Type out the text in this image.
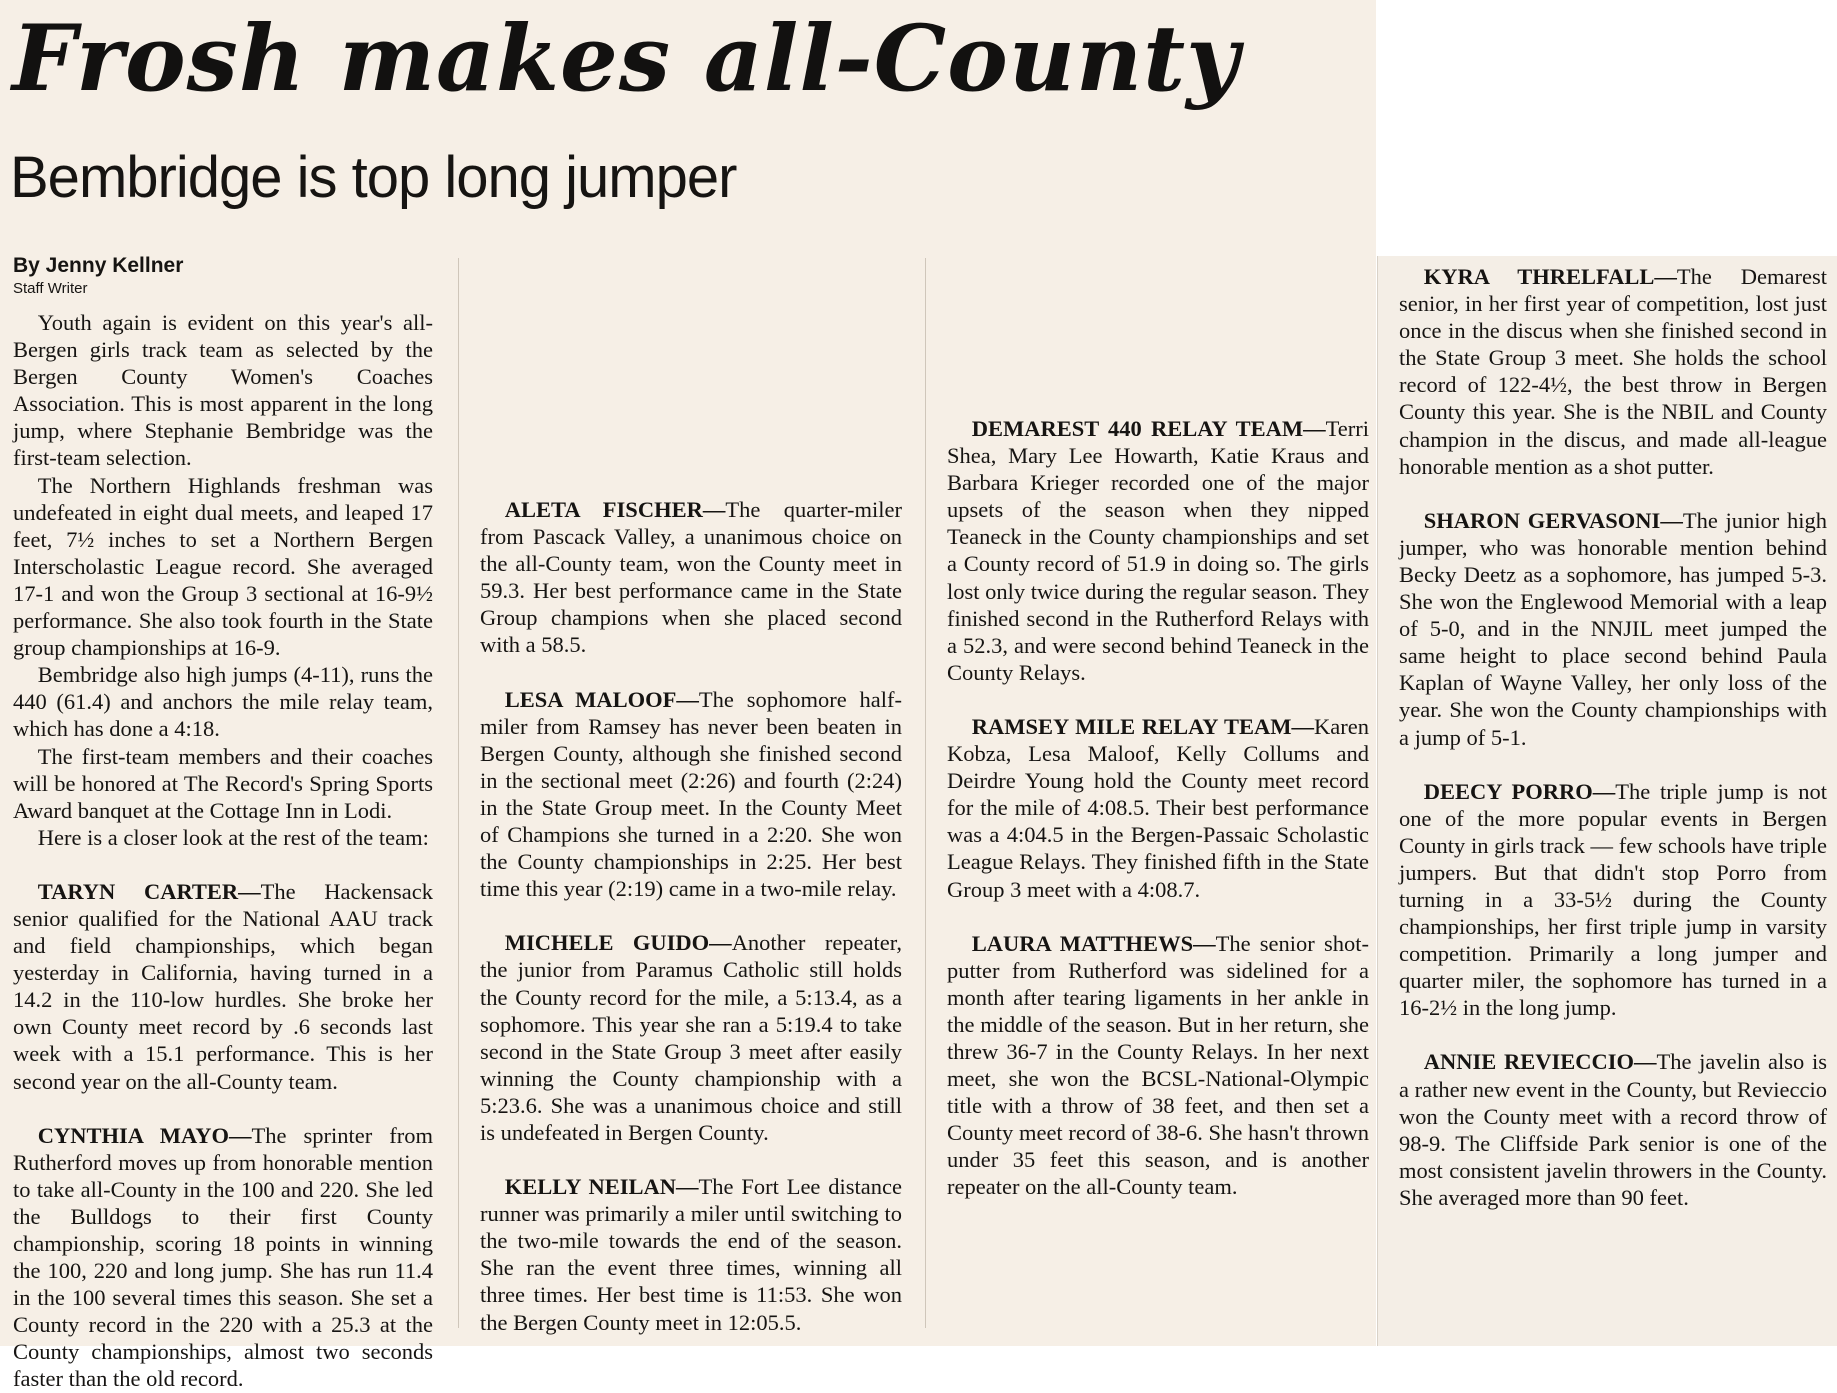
Frosh makes all-County
Bembridge is top long jumper

By Jenny Kellner

Staff Writer

Youth again is evident on this year's all-Bergen girls track team as selected by the Bergen County Women's Coaches Association. This is most apparent in the long jump, where Stephanie Bembridge was the first-team selection.

The Northern Highlands freshman was undefeated in eight dual meets, and leaped 17 feet, 7½ inches to set a Northern Bergen Interscholastic League record. She averaged 17-1 and won the Group 3 sectional at 16-9½ performance. She also took fourth in the State group championships at 16-9.

Bembridge also high jumps (4-11), runs the 440 (61.4) and anchors the mile relay team, which has done a 4:18.

The first-team members and their coaches will be honored at The Record's Spring Sports Award banquet at the Cottage Inn in Lodi.

Here is a closer look at the rest of the team:

TARYN CARTER—The Hackensack senior qualified for the National AAU track and field championships, which began yesterday in California, having turned in a 14.2 in the 110-low hurdles. She broke her own County meet record by .6 seconds last week with a 15.1 performance. This is her second year on the all-County team.

CYNTHIA MAYO—The sprinter from Rutherford moves up from honorable mention to take all-County in the 100 and 220. She led the Bulldogs to their first County championship, scoring 18 points in winning the 100, 220 and long jump. She has run 11.4 in the 100 several times this season. She set a County record in the 220 with a 25.3 at the County championships, almost two seconds faster than the old record.

ALETA FISCHER—The quarter-miler from Pascack Valley, a unanimous choice on the all-County team, won the County meet in 59.3. Her best performance came in the State Group champions when she placed second with a 58.5.

LESA MALOOF—The sophomore half-miler from Ramsey has never been beaten in Bergen County, although she finished second in the sectional meet (2:26) and fourth (2:24) in the State Group meet. In the County Meet of Champions she turned in a 2:20. She won the County championships in 2:25. Her best time this year (2:19) came in a two-mile relay.

MICHELE GUIDO—Another repeater, the junior from Paramus Catholic still holds the County record for the mile, a 5:13.4, as a sophomore. This year she ran a 5:19.4 to take second in the State Group 3 meet after easily winning the County championship with a 5:23.6. She was a unanimous choice and still is undefeated in Bergen County.

KELLY NEILAN—The Fort Lee distance runner was primarily a miler until switching to the two-mile towards the end of the season. She ran the event three times, winning all three times. Her best time is 11:53. She won the Bergen County meet in 12:05.5.

DEMAREST 440 RELAY TEAM—Terri Shea, Mary Lee Howarth, Katie Kraus and Barbara Krieger recorded one of the major upsets of the season when they nipped Teaneck in the County championships and set a County record of 51.9 in doing so. The girls lost only twice during the regular season. They finished second in the Rutherford Relays with a 52.3, and were second behind Teaneck in the County Relays.

RAMSEY MILE RELAY TEAM—Karen Kobza, Lesa Maloof, Kelly Collums and Deirdre Young hold the County meet record for the mile of 4:08.5. Their best performance was a 4:04.5 in the Bergen-Passaic Scholastic League Relays. They finished fifth in the State Group 3 meet with a 4:08.7.

LAURA MATTHEWS—The senior shot-putter from Rutherford was sidelined for a month after tearing ligaments in her ankle in the middle of the season. But in her return, she threw 36-7 in the County Relays. In her next meet, she won the BCSL-National-Olympic title with a throw of 38 feet, and then set a County meet record of 38-6. She hasn't thrown under 35 feet this season, and is another repeater on the all-County team.

KYRA THRELFALL—The Demarest senior, in her first year of competition, lost just once in the discus when she finished second in the State Group 3 meet. She holds the school record of 122-4½, the best throw in Bergen County this year. She is the NBIL and County champion in the discus, and made all-league honorable mention as a shot putter.

SHARON GERVASONI—The junior high jumper, who was honorable mention behind Becky Deetz as a sophomore, has jumped 5-3. She won the Englewood Memorial with a leap of 5-0, and in the NNJIL meet jumped the same height to place second behind Paula Kaplan of Wayne Valley, her only loss of the year. She won the County championships with a jump of 5-1.

DEECY PORRO—The triple jump is not one of the more popular events in Bergen County in girls track — few schools have triple jumpers. But that didn't stop Porro from turning in a 33-5½ during the County championships, her first triple jump in varsity competition. Primarily a long jumper and quarter miler, the sophomore has turned in a 16-2½ in the long jump.

ANNIE REVIECCIO—The javelin also is a rather new event in the County, but Revieccio won the County meet with a record throw of 98-9. The Cliffside Park senior is one of the most consistent javelin throwers in the County. She averaged more than 90 feet.
